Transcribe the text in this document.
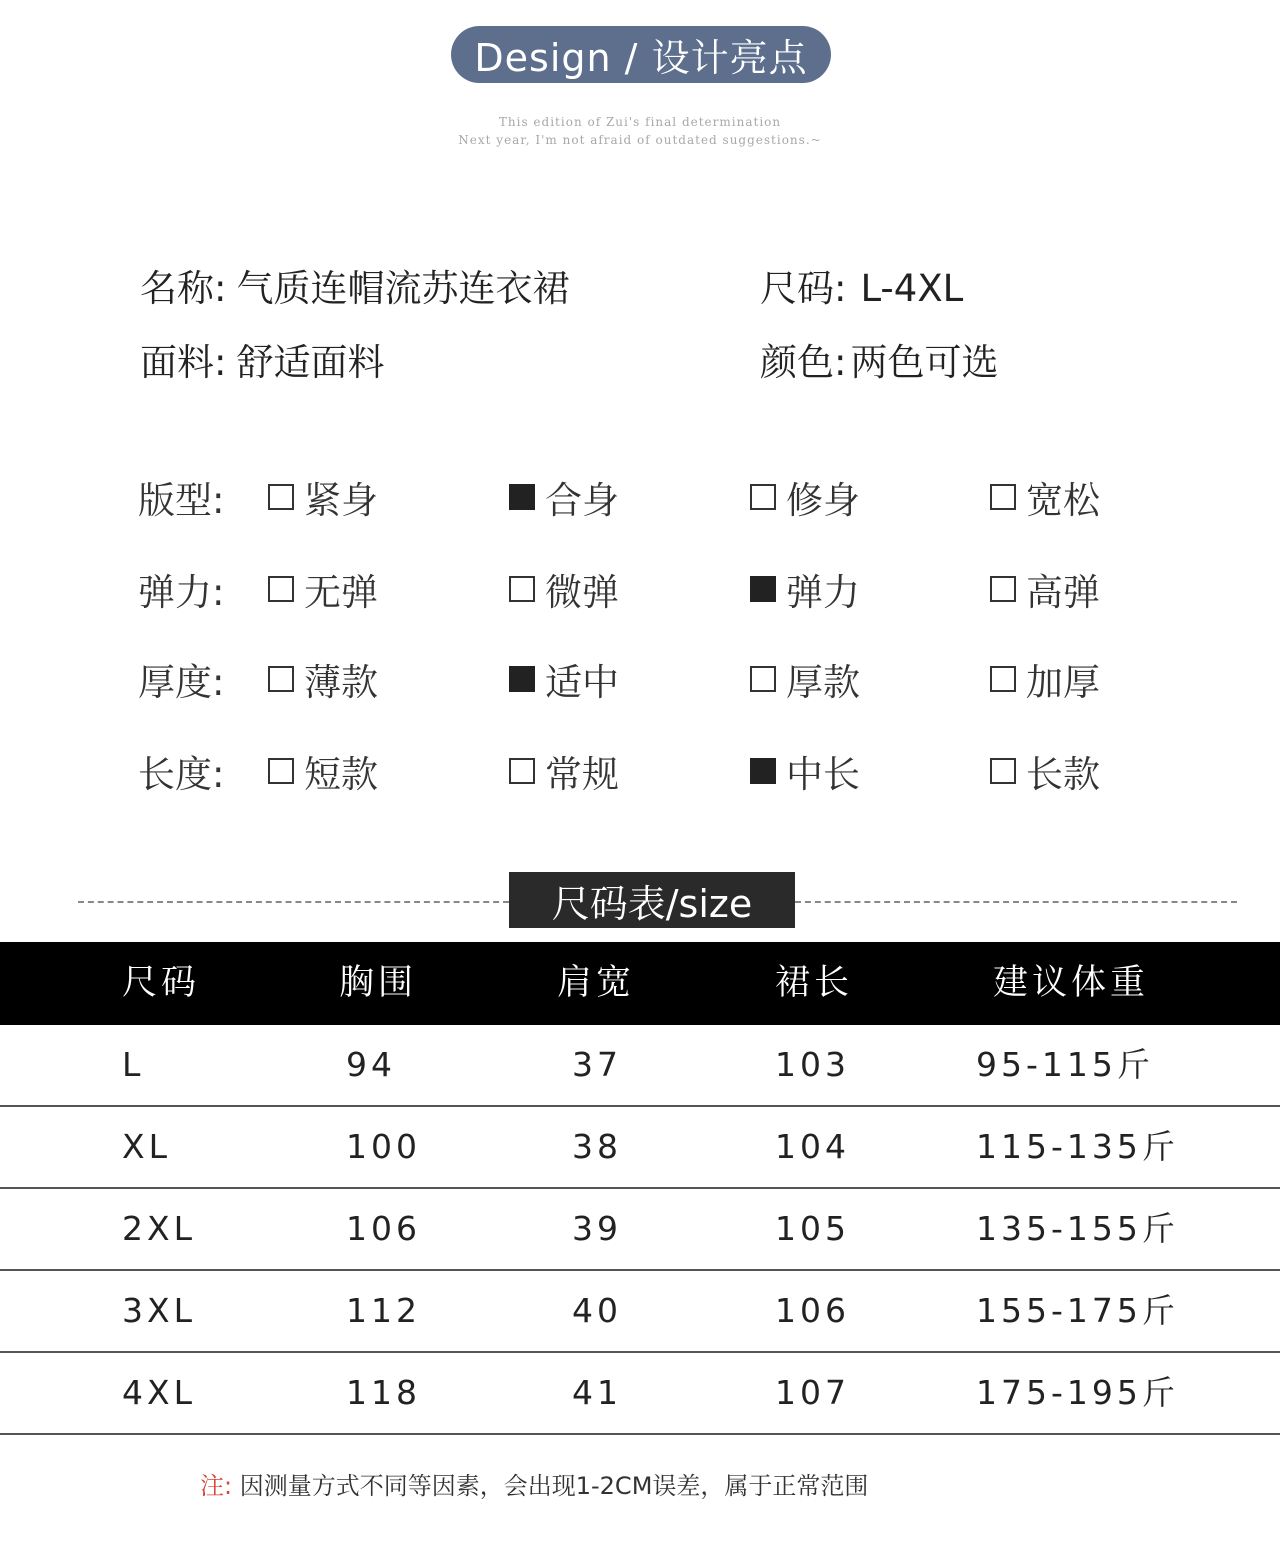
Design / 设计亮点
This edition of Zui's final determination
Next year, I'm not afraid of outdated suggestions.~
名称: 气质连帽流苏连衣裙	尺码: L-4XL
面料: 舒适面料	颜色: 两色可选
版型: 紧身	合身	修身	宽松
弹力: 无弹	微弹	弹力	高弹
厚度: 薄款	适中	厚款	加厚
长度: 短款	常规	中长	长款
尺码表/size
尺码	胸围	肩宽	裙长	建议体重
L	94	37	103	95-115斤
XL	100	38	104	115-135斤
2XL	106	39	105	135-155斤
3XL	112	40	106	155-175斤
4XL	118	41	107	175-195斤
注: 因测量方式不同等因素，会出现1-2CM误差，属于正常范围
